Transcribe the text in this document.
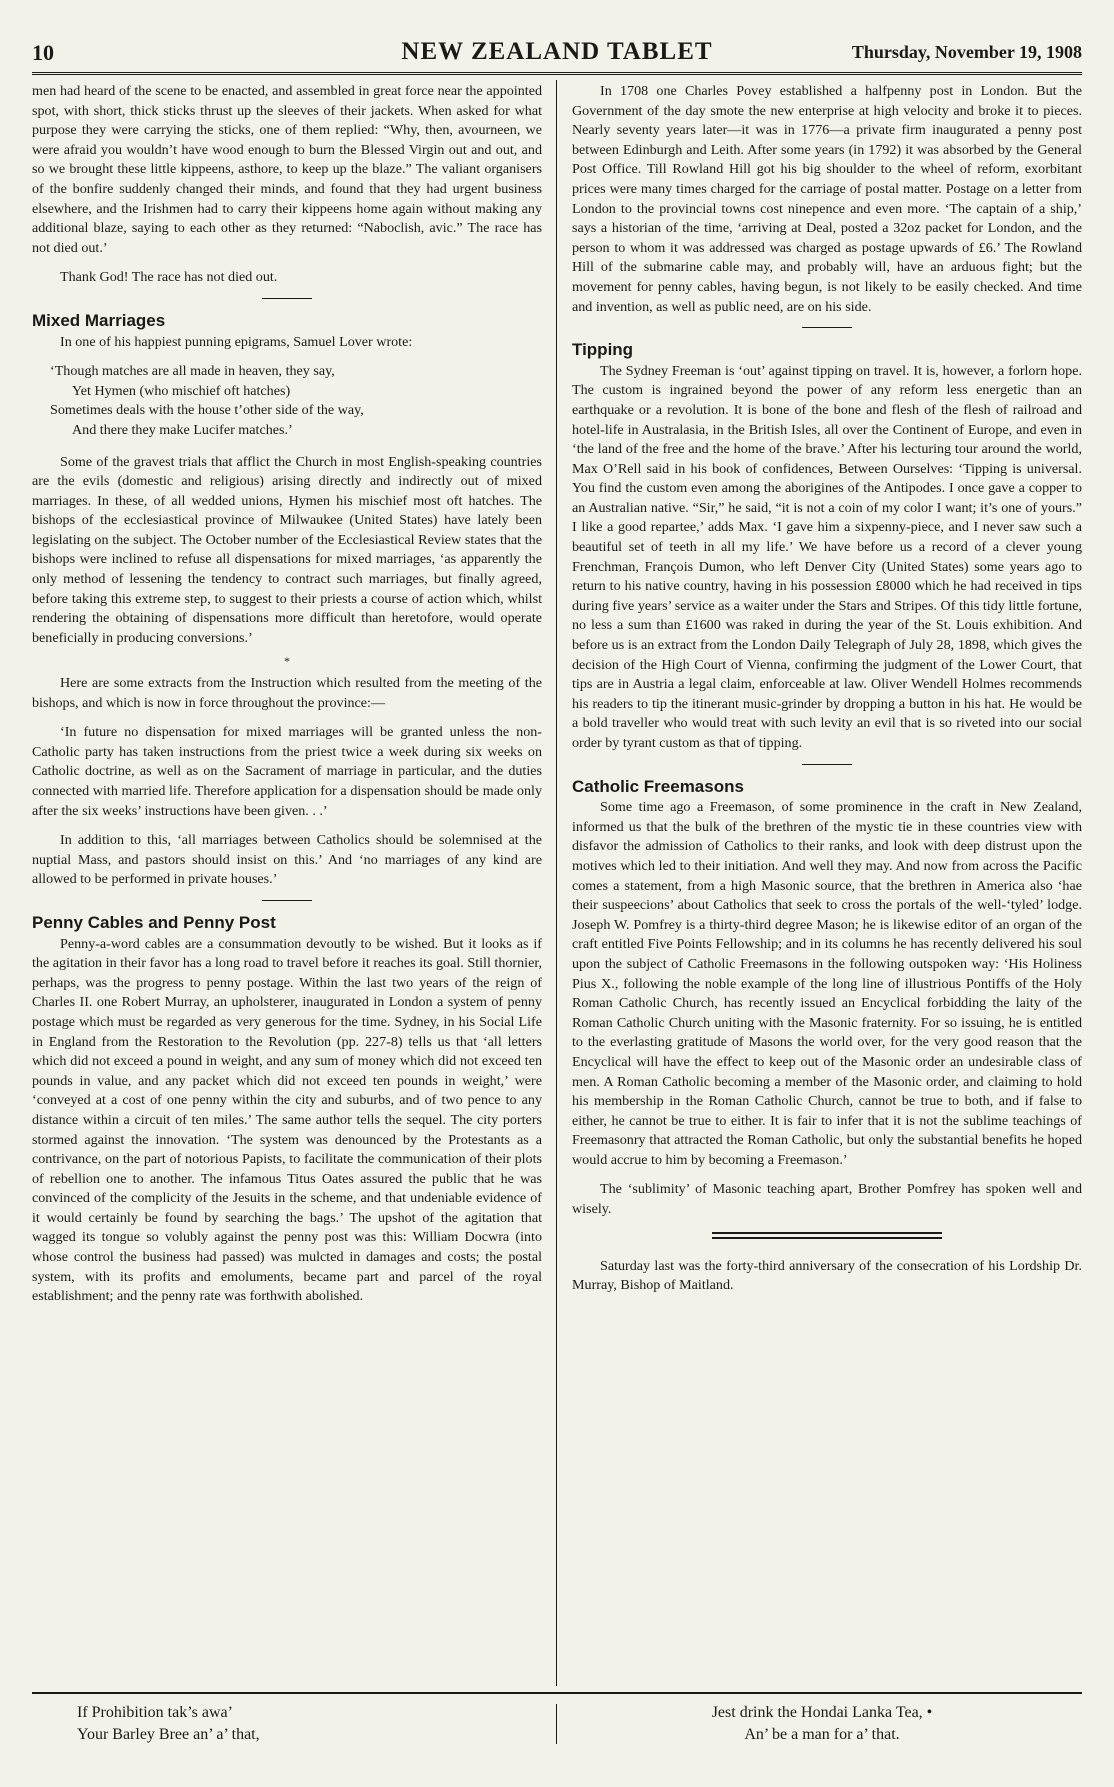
10	NEW ZEALAND TABLET	Thursday, November 19, 1908

men had heard of the scene to be enacted, and assembled in great force near the appointed spot, with short, thick sticks thrust up the sleeves of their jackets. When asked for what purpose they were carrying the sticks, one of them replied: “Why, then, avourneen, we were afraid you wouldn’t have wood enough to burn the Blessed Virgin out and out, and so we brought these little kippeens, asthore, to keep up the blaze.” The valiant organisers of the bonfire suddenly changed their minds, and found that they had urgent business elsewhere, and the Irishmen had to carry their kippeens home again without making any additional blaze, saying to each other as they returned: “Naboclish, avic.” The race has not died out.’

Thank God! The race has not died out.

Mixed Marriages

In one of his happiest punning epigrams, Samuel Lover wrote:

‘Though matches are all made in heaven, they say,
Yet Hymen (who mischief oft hatches)
Sometimes deals with the house t’other side of the way,
And there they make Lucifer matches.’

Some of the gravest trials that afflict the Church in most English-speaking countries are the evils (domestic and religious) arising directly and indirectly out of mixed marriages. In these, of all wedded unions, Hymen his mischief most oft hatches. The bishops of the ecclesiastical province of Milwaukee (United States) have lately been legislating on the subject. The October number of the Ecclesiastical Review states that the bishops were inclined to refuse all dispensations for mixed marriages, ‘as apparently the only method of lessening the tendency to contract such marriages, but finally agreed, before taking this extreme step, to suggest to their priests a course of action which, whilst rendering the obtaining of dispensations more difficult than heretofore, would operate beneficially in producing conversions.’

*

Here are some extracts from the Instruction which resulted from the meeting of the bishops, and which is now in force throughout the province:—

‘In future no dispensation for mixed marriages will be granted unless the non-Catholic party has taken instructions from the priest twice a week during six weeks on Catholic doctrine, as well as on the Sacrament of marriage in particular, and the duties connected with married life. Therefore application for a dispensation should be made only after the six weeks’ instructions have been given. . .’

In addition to this, ‘all marriages between Catholics should be solemnised at the nuptial Mass, and pastors should insist on this.’ And ‘no marriages of any kind are allowed to be performed in private houses.’

Penny Cables and Penny Post

Penny-a-word cables are a consummation devoutly to be wished. But it looks as if the agitation in their favor has a long road to travel before it reaches its goal. Still thornier, perhaps, was the progress to penny postage. Within the last two years of the reign of Charles II. one Robert Murray, an upholsterer, inaugurated in London a system of penny postage which must be regarded as very generous for the time. Sydney, in his Social Life in England from the Restoration to the Revolution (pp. 227-8) tells us that ‘all letters which did not exceed a pound in weight, and any sum of money which did not exceed ten pounds in value, and any packet which did not exceed ten pounds in weight,’ were ‘conveyed at a cost of one penny within the city and suburbs, and of two pence to any distance within a circuit of ten miles.’ The same author tells the sequel. The city porters stormed against the innovation. ‘The system was denounced by the Protestants as a contrivance, on the part of notorious Papists, to facilitate the communication of their plots of rebellion one to another. The infamous Titus Oates assured the public that he was convinced of the complicity of the Jesuits in the scheme, and that undeniable evidence of it would certainly be found by searching the bags.’ The upshot of the agitation that wagged its tongue so volubly against the penny post was this: William Docwra (into whose control the business had passed) was mulcted in damages and costs; the postal system, with its profits and emoluments, became part and parcel of the royal establishment; and the penny rate was forthwith abolished.

In 1708 one Charles Povey established a halfpenny post in London. But the Government of the day smote the new enterprise at high velocity and broke it to pieces. Nearly seventy years later—it was in 1776—a private firm inaugurated a penny post between Edinburgh and Leith. After some years (in 1792) it was absorbed by the General Post Office. Till Rowland Hill got his big shoulder to the wheel of reform, exorbitant prices were many times charged for the carriage of postal matter. Postage on a letter from London to the provincial towns cost ninepence and even more. ‘The captain of a ship,’ says a historian of the time, ‘arriving at Deal, posted a 32oz packet for London, and the person to whom it was addressed was charged as postage upwards of £6.’ The Rowland Hill of the submarine cable may, and probably will, have an arduous fight; but the movement for penny cables, having begun, is not likely to be easily checked. And time and invention, as well as public need, are on his side.

Tipping

The Sydney Freeman is ‘out’ against tipping on travel. It is, however, a forlorn hope. The custom is ingrained beyond the power of any reform less energetic than an earthquake or a revolution. It is bone of the bone and flesh of the flesh of railroad and hotel-life in Australasia, in the British Isles, all over the Continent of Europe, and even in ‘the land of the free and the home of the brave.’ After his lecturing tour around the world, Max O’Rell said in his book of confidences, Between Ourselves: ‘Tipping is universal. You find the custom even among the aborigines of the Antipodes. I once gave a copper to an Australian native. “Sir,” he said, “it is not a coin of my color I want; it’s one of yours.” I like a good repartee,’ adds Max. ‘I gave him a sixpenny-piece, and I never saw such a beautiful set of teeth in all my life.’ We have before us a record of a clever young Frenchman, François Dumon, who left Denver City (United States) some years ago to return to his native country, having in his possession £8000 which he had received in tips during five years’ service as a waiter under the Stars and Stripes. Of this tidy little fortune, no less a sum than £1600 was raked in during the year of the St. Louis exhibition. And before us is an extract from the London Daily Telegraph of July 28, 1898, which gives the decision of the High Court of Vienna, confirming the judgment of the Lower Court, that tips are in Austria a legal claim, enforceable at law. Oliver Wendell Holmes recommends his readers to tip the itinerant music-grinder by dropping a button in his hat. He would be a bold traveller who would treat with such levity an evil that is so riveted into our social order by tyrant custom as that of tipping.

Catholic Freemasons

Some time ago a Freemason, of some prominence in the craft in New Zealand, informed us that the bulk of the brethren of the mystic tie in these countries view with disfavor the admission of Catholics to their ranks, and look with deep distrust upon the motives which led to their initiation. And well they may. And now from across the Pacific comes a statement, from a high Masonic source, that the brethren in America also ‘hae their suspeecions’ about Catholics that seek to cross the portals of the well-‘tyled’ lodge. Joseph W. Pomfrey is a thirty-third degree Mason; he is likewise editor of an organ of the craft entitled Five Points Fellowship; and in its columns he has recently delivered his soul upon the subject of Catholic Freemasons in the following outspoken way: ‘His Holiness Pius X., following the noble example of the long line of illustrious Pontiffs of the Holy Roman Catholic Church, has recently issued an Encyclical forbidding the laity of the Roman Catholic Church uniting with the Masonic fraternity. For so issuing, he is entitled to the everlasting gratitude of Masons the world over, for the very good reason that the Encyclical will have the effect to keep out of the Masonic order an undesirable class of men. A Roman Catholic becoming a member of the Masonic order, and claiming to hold his membership in the Roman Catholic Church, cannot be true to both, and if false to either, he cannot be true to either. It is fair to infer that it is not the sublime teachings of Freemasonry that attracted the Roman Catholic, but only the substantial benefits he hoped would accrue to him by becoming a Freemason.’

The ‘sublimity’ of Masonic teaching apart, Brother Pomfrey has spoken well and wisely.

Saturday last was the forty-third anniversary of the consecration of his Lordship Dr. Murray, Bishop of Maitland.

If Prohibition tak’s awa’
Your Barley Bree an’ a’ that,
Jest drink the Hondai Lanka Tea, •
An’ be a man for a’ that.
